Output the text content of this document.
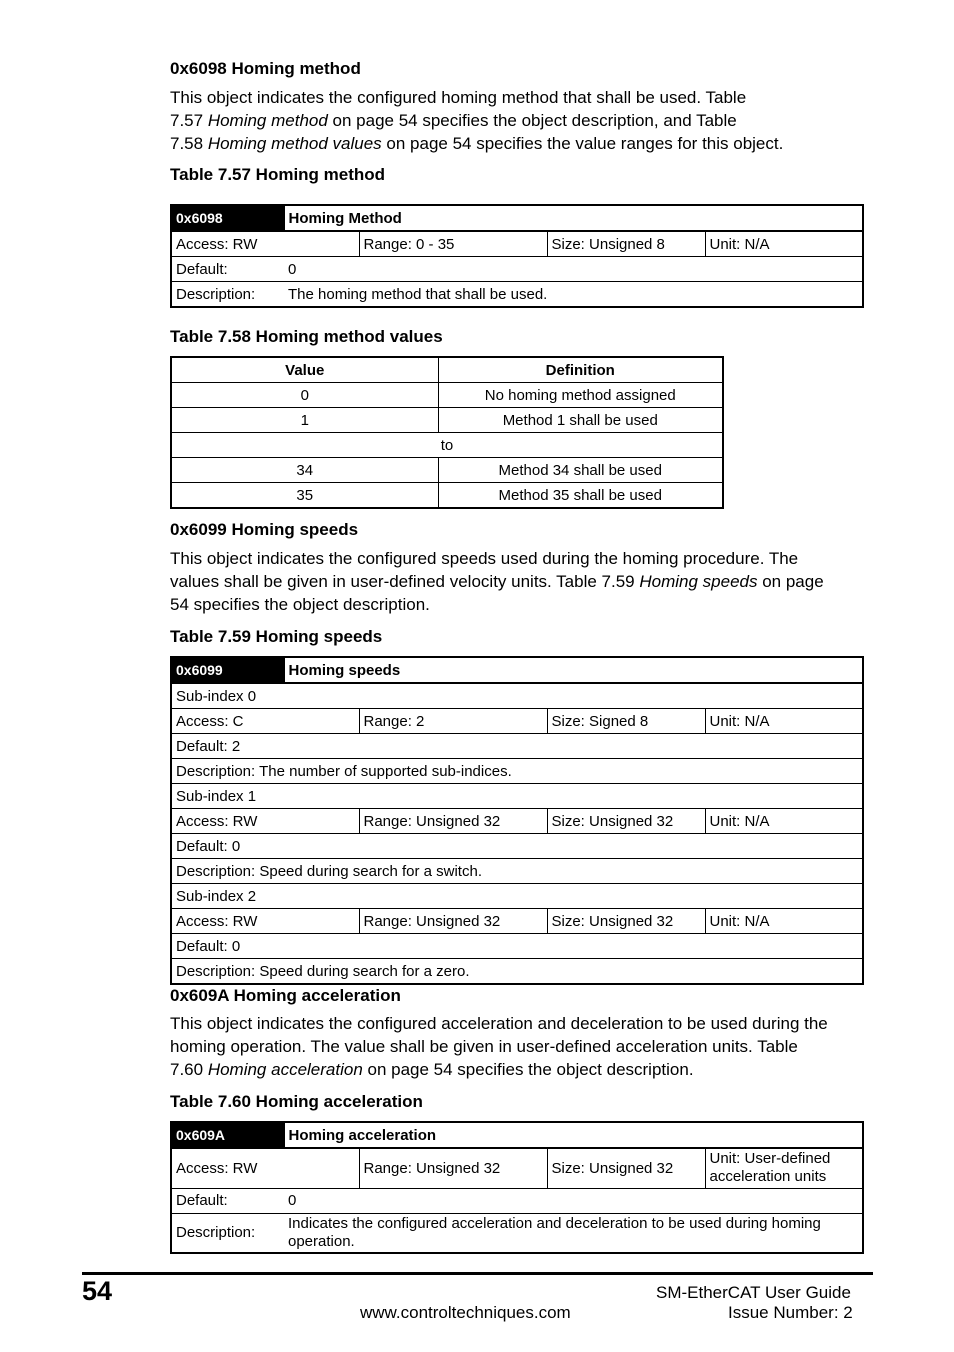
0x6098 Homing method
This object indicates the configured homing method that shall be used. Table
7.57 Homing method on page 54 specifies the object description, and Table
7.58 Homing method values on page 54 specifies the value ranges for this object.
Table 7.57 Homing method
0x6098	Homing Method			
Access: RW		Range: 0 - 35	Size: Unsigned 8	Unit: N/A
Default:	0			
Description:	The homing method that shall be used.			
Table 7.58 Homing method values
Value	Definition
0	No homing method assigned
1	Method 1 shall be used
to	
34	Method 34 shall be used
35	Method 35 shall be used
0x6099 Homing speeds
This object indicates the configured speeds used during the homing procedure. The
values shall be given in user-defined velocity units. Table 7.59 Homing speeds on page
54 specifies the object description.
Table 7.59 Homing speeds
0x6099	Homing speeds			
Sub-index 0				
Access: C		Range: 2	Size: Signed 8	Unit: N/A
Default: 2				
Description: The number of supported sub-indices.				
Sub-index 1				
Access: RW		Range: Unsigned 32	Size: Unsigned 32	Unit: N/A
Default: 0				
Description: Speed during search for a switch.				
Sub-index 2				
Access: RW		Range: Unsigned 32	Size: Unsigned 32	Unit: N/A
Default: 0				
Description: Speed during search for a zero.				
0x609A Homing acceleration
This object indicates the configured acceleration and deceleration to be used during the
homing operation. The value shall be given in user-defined acceleration units. Table
7.60 Homing acceleration on page 54 specifies the object description.
Table 7.60 Homing acceleration
0x609A	Homing acceleration			
Access: RW		Range: Unsigned 32	Size: Unsigned 32	Unit: User-defined acceleration units
Default:	0			
Description:	Indicates the configured acceleration and deceleration to be used during homing operation.			
54
www.controltechniques.com
SM-EtherCAT User Guide
Issue Number: 2
